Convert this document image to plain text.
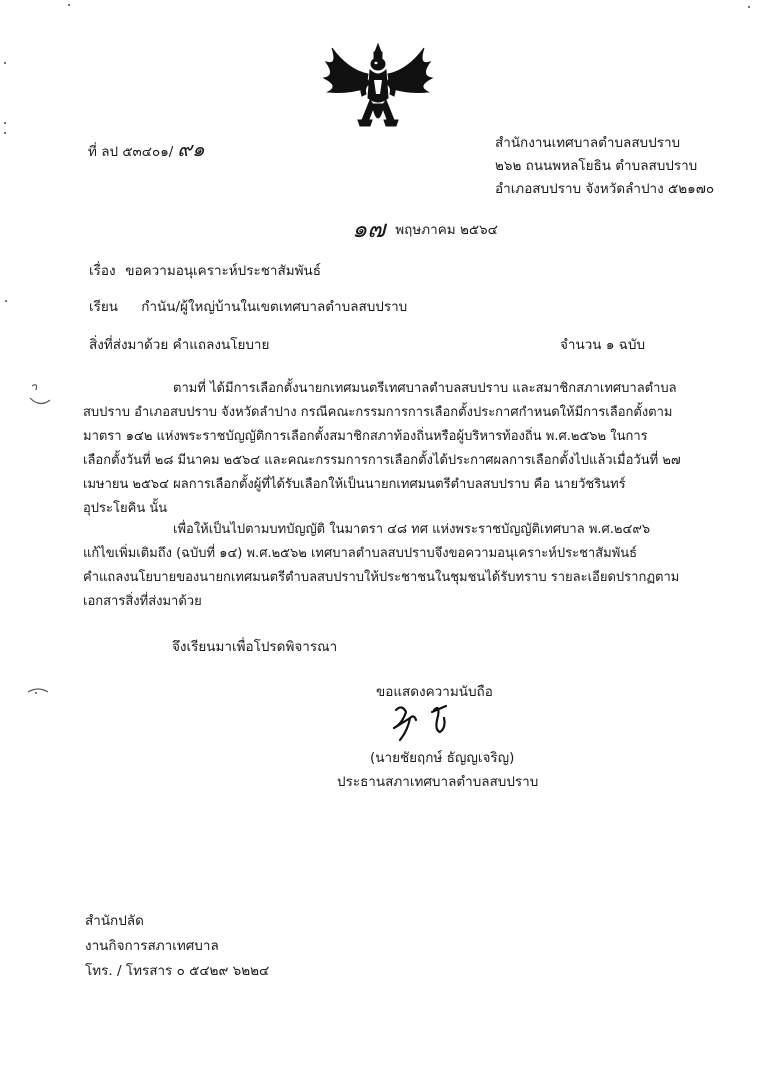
ที่ ลป ๕๓๔๐๑/ ๙๑	สำนักงานเทศบาลตำบลสบปราบ
๒๖๒ ถนนพหลโยธิน ตำบลสบปราบ
อำเภอสบปราบ จังหวัดลำปาง ๕๒๑๗๐
๑๗ พฤษภาคม ๒๕๖๔
เรื่อง ขอความอนุเคราะห์ประชาสัมพันธ์
เรียน กำนัน/ผู้ใหญ่บ้านในเขตเทศบาลตำบลสบปราบ
สิ่งที่ส่งมาด้วย คำแถลงนโยบาย	จำนวน ๑ ฉบับ

ตามที่ ได้มีการเลือกตั้งนายกเทศมนตรีเทศบาลตำบลสบปราบ และสมาชิกสภาเทศบาลตำบล

สบปราบ อำเภอสบปราบ จังหวัดลำปาง กรณีคณะกรรมการการเลือกตั้งประกาศกำหนดให้มีการเลือกตั้งตาม

มาตรา ๑๔๒ แห่งพระราชบัญญัติการเลือกตั้งสมาชิกสภาท้องถิ่นหรือผู้บริหารท้องถิ่น พ.ศ.๒๕๖๒ ในการ

เลือกตั้งวันที่ ๒๘ มีนาคม ๒๕๖๔ และคณะกรรมการการเลือกตั้งได้ประกาศผลการเลือกตั้งไปแล้วเมื่อวันที่ ๒๗

เมษายน ๒๕๖๔ ผลการเลือกตั้งผู้ที่ได้รับเลือกให้เป็นนายกเทศมนตรีตำบลสบปราบ คือ นายวัชรินทร์

อุประโยคิน นั้น

เพื่อให้เป็นไปตามบทบัญญัติ ในมาตรา ๔๘ ทศ แห่งพระราชบัญญัติเทศบาล พ.ศ.๒๔๙๖

แก้ไขเพิ่มเติมถึง (ฉบับที่ ๑๔) พ.ศ.๒๕๖๒ เทศบาลตำบลสบปราบจึงขอความอนุเคราะห์ประชาสัมพันธ์

คำแถลงนโยบายของนายกเทศมนตรีตำบลสบปราบให้ประชาชนในชุมชนได้รับทราบ รายละเอียดปรากฏตาม

เอกสารสิ่งที่ส่งมาด้วย

จึงเรียนมาเพื่อโปรดพิจารณา
ขอแสดงความนับถือ
(นายชัยฤกษ์ ธัญญเจริญ)
ประธานสภาเทศบาลตำบลสบปราบ
สำนักปลัด
งานกิจการสภาเทศบาล
โทร. / โทรสาร ๐ ๕๔๒๙ ๖๒๒๔
